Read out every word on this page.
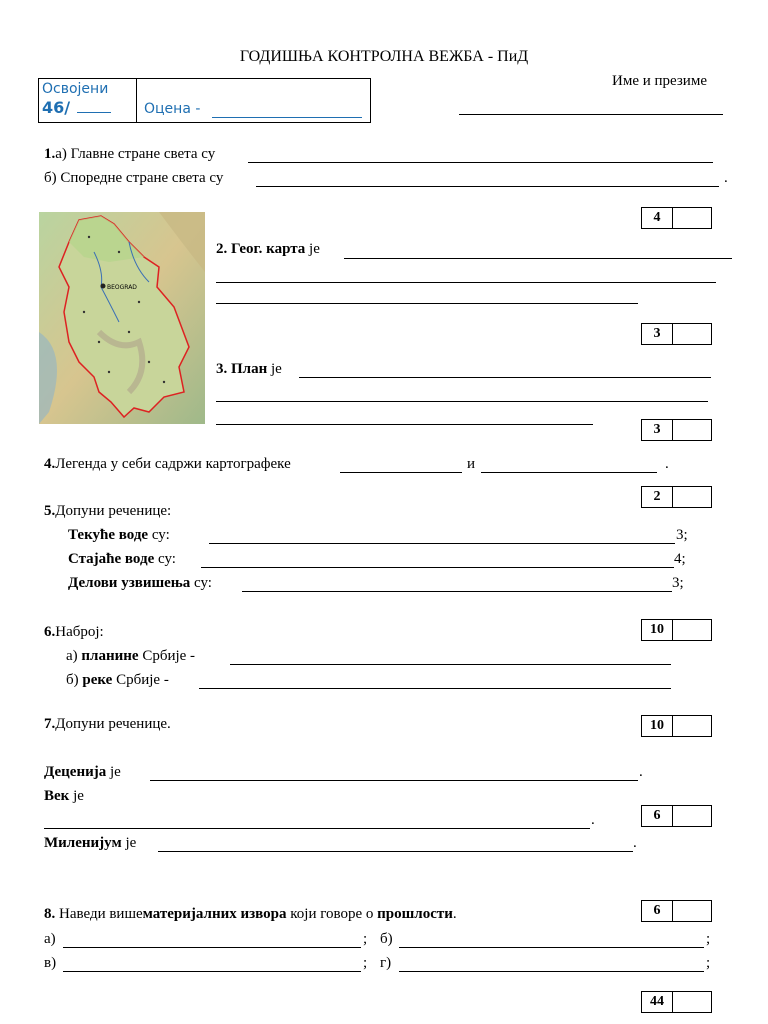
ГОДИШЊА КОНТРОЛНА ВЕЖБА - ПиД
Освојени
46/	Оцена -
Име и презиме
1.а) Главне стране света су
б) Споредне стране света су	.
4
BEOGRAD
2. Геог. карта је
3
3. План је
3
4.Легенда у себи садржи картографеке	и	.
2
5.Допуни реченице:
Текуће воде су:	3;
Стајаће воде су:	4;
Делови узвишења су:	3;
10
6.Наброј:
а) планине Србије -
б) реке Србије -
7.Допуни реченице.	10
Деценија је	.
Век је
.	6
Миленијум је	.
8. Наведи вишематеријалних извора који говоре о прошлости.	6
а)	; б)	;
в)	; г)	;
44
